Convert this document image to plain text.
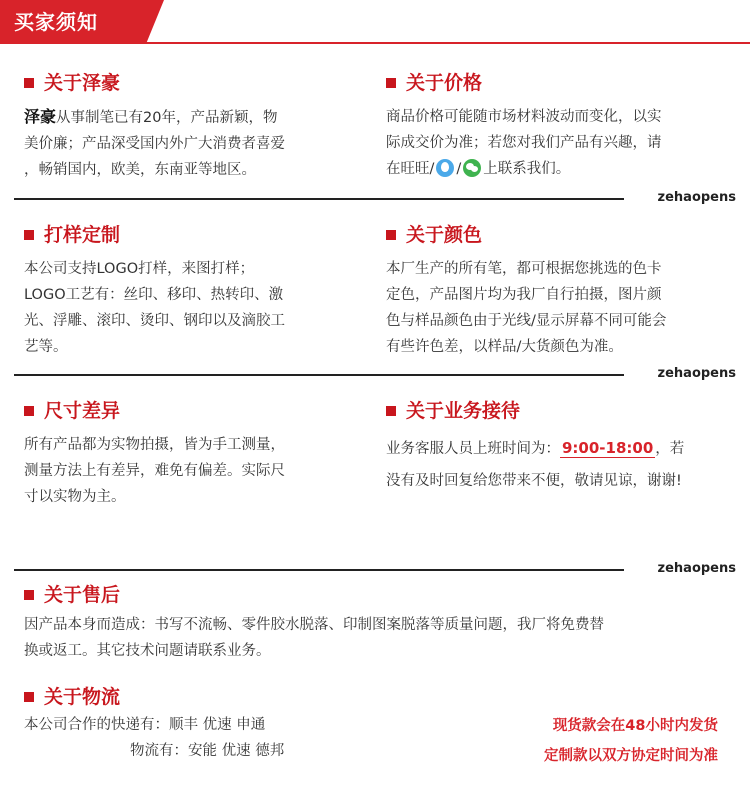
买家须知
关于泽豪
泽豪从事制笔已有20年，产品新颖，物
美价廉；产品深受国内外广大消费者喜爱
，畅销国内，欧美，东南亚等地区。
关于价格
商品价格可能随市场材料波动而变化，以实
际成交价为准；若您对我们产品有兴趣，请
在旺旺/ / 上联系我们。
zehaopens
打样定制
本公司支持LOGO打样，来图打样；
LOGO工艺有：丝印、移印、热转印、激
光、浮雕、滚印、烫印、钢印以及滴胶工
艺等。
关于颜色
本厂生产的所有笔，都可根据您挑选的色卡
定色，产品图片均为我厂自行拍摄，图片颜
色与样品颜色由于光线/显示屏幕不同可能会
有些许色差，以样品/大货颜色为准。
zehaopens
尺寸差异
所有产品都为实物拍摄，皆为手工测量，
测量方法上有差异，难免有偏差。实际尺
寸以实物为主。
关于业务接待
业务客服人员上班时间为： 9:00-18:00 ，若
没有及时回复给您带来不便，敬请见谅，谢谢!
zehaopens
关于售后
因产品本身而造成：书写不流畅、零件胶水脱落、印制图案脱落等质量问题，我厂将免费替
换或返工。其它技术问题请联系业务。
关于物流
本公司合作的快递有：顺丰 优速 申通
物流有：安能 优速 德邦
现货款会在48小时内发货
定制款以双方协定时间为准
